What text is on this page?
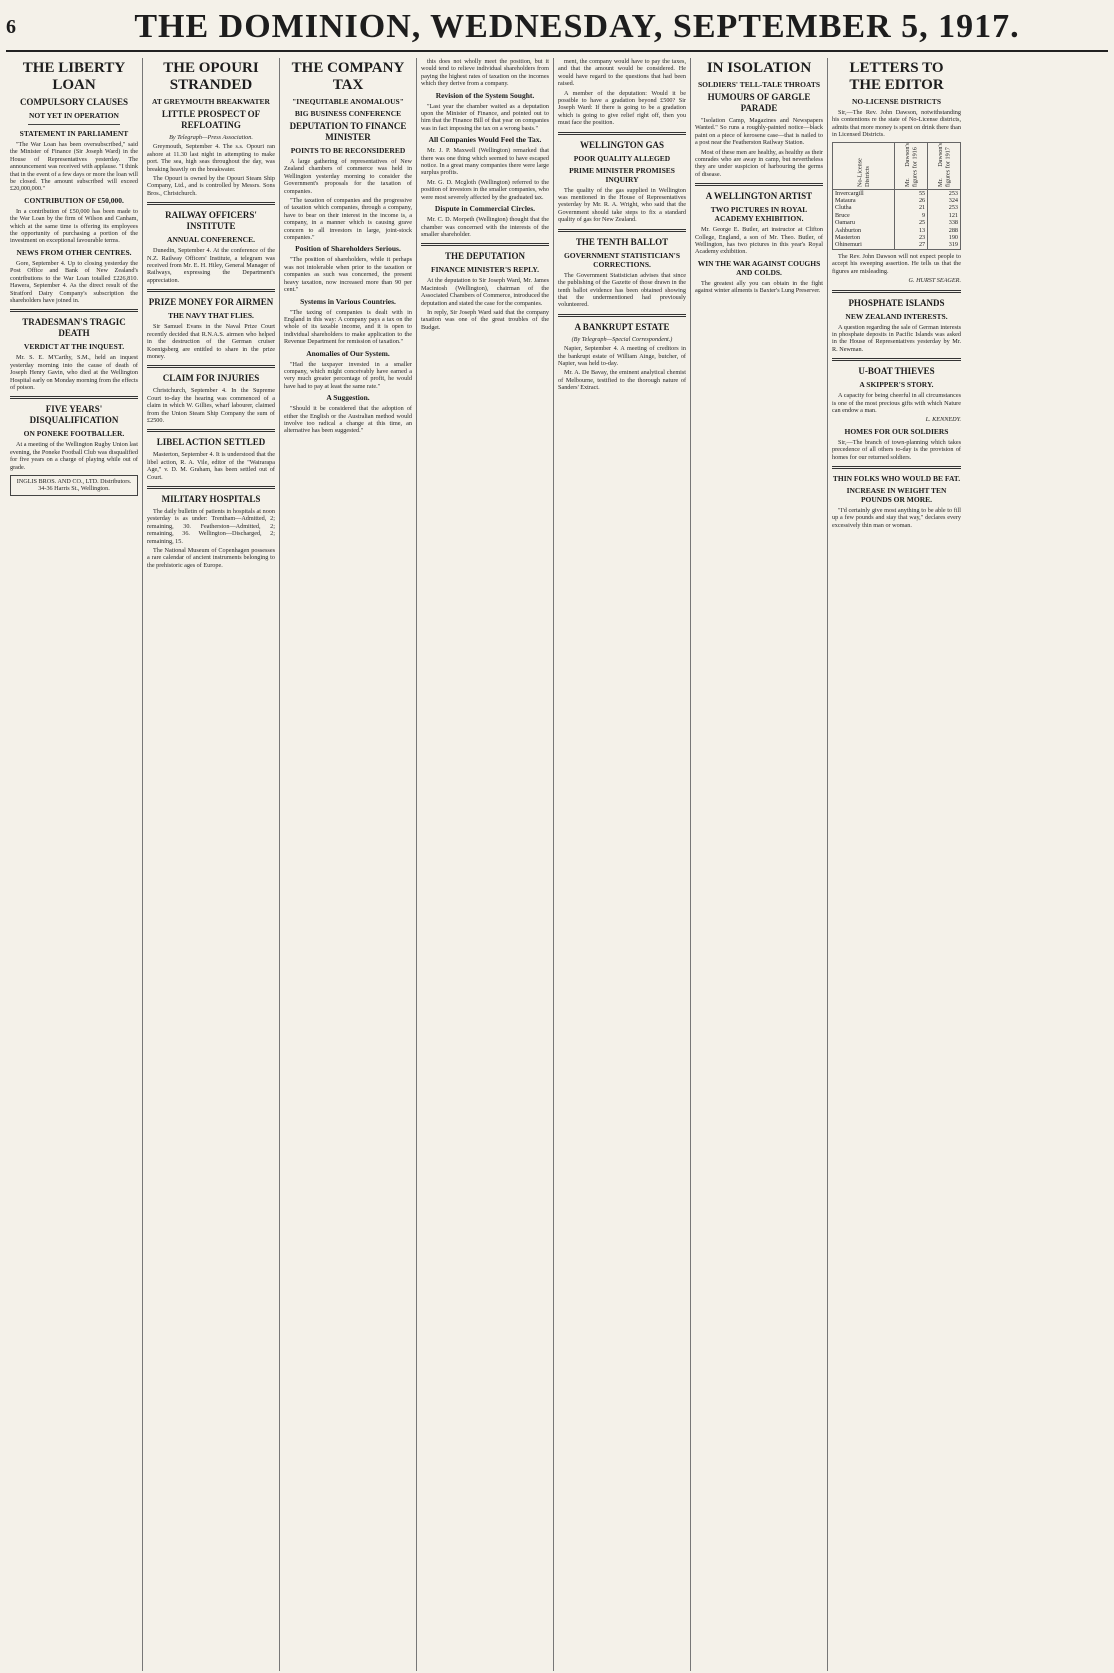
6	THE DOMINION, WEDNESDAY, SEPTEMBER 5, 1917.
THE LIBERTY LOAN
COMPULSORY CLAUSES
NOT YET IN OPERATION
STATEMENT IN PARLIAMENT

"The War Loan has been oversubscribed," said the Minister of Finance (Sir Joseph Ward) in the House of Representatives yesterday. The announcement was received with applause. "I think that in the event of a few days or more the loan will be closed. The amount subscribed will exceed £20,000,000."

CONTRIBUTION OF £50,000.

In a contribution of £50,000 has been made to the War Loan by the firm of Wilson and Canham, which at the same time is offering its employees the opportunity of purchasing a portion of the investment on exceptional favourable terms.

NEWS FROM OTHER CENTRES.

Gore, September 4. Up to closing yesterday the Post Office and Bank of New Zealand's contributions to the War Loan totalled £226,810. Hawera, September 4. As the direct result of the Stratford Dairy Company's subscription the shareholders have joined in.

TRADESMAN'S TRAGIC DEATH
VERDICT AT THE INQUEST.

Mr. S. E. M'Carthy, S.M., held an inquest yesterday morning into the cause of death of Joseph Henry Gavin, who died at the Wellington Hospital early on Monday morning from the effects of poison.

FIVE YEARS' DISQUALIFICATION
ON PONEKE FOOTBALLER.

At a meeting of the Wellington Rugby Union last evening, the Poneke Football Club was disqualified for five years on a charge of playing while out of grade.

INGLIS BROS. AND CO., LTD. Distributors. 34-36 Harris St., Wellington.
THE OPOURI STRANDED
AT GREYMOUTH BREAKWATER
LITTLE PROSPECT OF REFLOATING
By Telegraph—Press Association.

Greymouth, September 4. The s.s. Opouri ran ashore at 11.30 last night in attempting to make port. The sea, high seas throughout the day, was breaking heavily on the breakwater.

The Opouri is owned by the Opouri Steam Ship Company, Ltd., and is controlled by Messrs. Sons Bros., Christchurch.

RAILWAY OFFICERS' INSTITUTE
ANNUAL CONFERENCE.

Dunedin, September 4. At the conference of the N.Z. Railway Officers' Institute, a telegram was received from Mr. E. H. Hiley, General Manager of Railways, expressing the Department's appreciation.

PRIZE MONEY FOR AIRMEN
THE NAVY THAT FLIES.

Sir Samuel Evans in the Naval Prize Court recently decided that R.N.A.S. airmen who helped in the destruction of the German cruiser Koenigsberg are entitled to share in the prize money.

CLAIM FOR INJURIES

Christchurch, September 4. In the Supreme Court to-day the hearing was commenced of a claim in which W. Gillies, wharf labourer, claimed from the Union Steam Ship Company the sum of £2500.

LIBEL ACTION SETTLED

Masterton, September 4. It is understood that the libel action, R. A. Vile, editor of the "Wairarapa Age," v. D. M. Graham, has been settled out of Court.

MILITARY HOSPITALS

The daily bulletin of patients in hospitals at noon yesterday is as under: Trentham—Admitted, 2; remaining, 30. Featherston—Admitted, 2; remaining, 36. Wellington—Discharged, 2; remaining, 15.

The National Museum of Copenhagen possesses a rare calendar of ancient instruments belonging to the prehistoric ages of Europe.

THE COMPANY TAX
"INEQUITABLE ANOMALOUS"
BIG BUSINESS CONFERENCE
DEPUTATION TO FINANCE MINISTER
POINTS TO BE RECONSIDERED

A large gathering of representatives of New Zealand chambers of commerce was held in Wellington yesterday morning to consider the Government's proposals for the taxation of companies.

"The taxation of companies and the progressive of taxation which companies, through a company, have to bear on their interest in the income is, a company, in a manner which is causing grave concern to all investors in large, joint-stock companies."

Position of Shareholders Serious.

"The position of shareholders, while it perhaps was not intolerable when prior to the taxation or companies as such was concerned, the present heavy taxation, now increased more than 90 per cent."

Systems in Various Countries.

"The taxing of companies is dealt with in England in this way: A company pays a tax on the whole of its taxable income, and it is open to individual shareholders to make application to the Revenue Department for remission of taxation."

Anomalies of Our System.

"Had the taxpayer invested in a smaller company, which might conceivably have earned a very much greater percentage of profit, he would have had to pay at least the same rate."

A Suggestion.

"Should it be considered that the adoption of either the English or the Australian method would involve too radical a change at this time, an alternative has been suggested."

this does not wholly meet the position, but it would tend to relieve individual shareholders from paying the highest rates of taxation on the incomes which they derive from a company.

Revision of the System Sought.

"Last year the chamber waited as a deputation upon the Minister of Finance, and pointed out to him that the Finance Bill of that year on companies was in fact imposing the tax on a wrong basis."

All Companies Would Feel the Tax.

Mr. J. P. Maxwell (Wellington) remarked that there was one thing which seemed to have escaped notice. In a great many companies there were large surplus profits.

Mr. G. D. Mcgloth (Wellington) referred to the position of investors in the smaller companies, who were most severely affected by the graduated tax.

Dispute in Commercial Circles.

Mr. C. D. Morpeth (Wellington) thought that the chamber was concerned with the interests of the smaller shareholder.

THE DEPUTATION
FINANCE MINISTER'S REPLY.

At the deputation to Sir Joseph Ward, Mr. James Macintosh (Wellington), chairman of the Associated Chambers of Commerce, introduced the deputation and stated the case for the companies.

In reply, Sir Joseph Ward said that the company taxation was one of the great troubles of the Budget.

ment, the company would have to pay the taxes, and that the amount would be considered. He would have regard to the questions that had been raised.

A member of the deputation: Would it be possible to have a gradation beyond £500? Sir Joseph Ward: If there is going to be a gradation which is going to give relief right off, then you must face the position.

WELLINGTON GAS
POOR QUALITY ALLEGED
PRIME MINISTER PROMISES INQUIRY

The quality of the gas supplied in Wellington was mentioned in the House of Representatives yesterday by Mr. R. A. Wright, who said that the Government should take steps to fix a standard quality of gas for New Zealand.

THE TENTH BALLOT
GOVERNMENT STATISTICIAN'S CORRECTIONS.

The Government Statistician advises that since the publishing of the Gazette of those drawn in the tenth ballot evidence has been obtained showing that the undermentioned had previously volunteered.

A BANKRUPT ESTATE
(By Telegraph—Special Correspondent.)

Napier, September 4. A meeting of creditors in the bankrupt estate of William Ainge, butcher, of Napier, was held to-day.

Mr. A. De Bavay, the eminent analytical chemist of Melbourne, testified to the thorough nature of Sanders' Extract.

IN ISOLATION
SOLDIERS' TELL-TALE THROATS
HUMOURS OF GARGLE PARADE

"Isolation Camp, Magazines and Newspapers Wanted." So runs a roughly-painted notice—black paint on a piece of kerosene case—that is nailed to a post near the Featherston Railway Station.

Most of these men are healthy, as healthy as their comrades who are away in camp, but nevertheless they are under suspicion of harbouring the germs of disease.

A WELLINGTON ARTIST
TWO PICTURES IN ROYAL ACADEMY EXHIBITION.

Mr. George E. Butler, art instructor at Clifton College, England, a son of Mr. Theo. Butler, of Wellington, has two pictures in this year's Royal Academy exhibition.

WIN THE WAR AGAINST COUGHS AND COLDS.

The greatest ally you can obtain in the fight against winter ailments is Baxter's Lung Preserver.

LETTERS TO THE EDITOR
NO-LICENSE DISTRICTS

Sir,—The Rev. John Dawson, notwithstanding his contentions re the state of No-License districts, admits that more money is spent on drink there than in Licensed Districts.

No-License Districts	Mr. Dawson's figures for 1916	Mr. Dawson's figures for 1917
Invercargill	55	253
Mataura	26	324
Clutha	21	253
Bruce	9	121
Oamaru	25	338
Ashburton	13	288
Masterton	23	190
Ohinemuri	27	319

The Rev. John Dawson will not expect people to accept his sweeping assertion. He tells us that the figures are misleading.

G. HURST SEAGER.
PHOSPHATE ISLANDS
NEW ZEALAND INTERESTS.

A question regarding the sale of German interests in phosphate deposits in Pacific Islands was asked in the House of Representatives yesterday by Mr. R. Newman.

U-BOAT THIEVES
A SKIPPER'S STORY.

A capacity for being cheerful in all circumstances is one of the most precious gifts with which Nature can endow a man.

L. KENNEDY.
HOMES FOR OUR SOLDIERS

Sir,—The branch of town-planning which takes precedence of all others to-day is the provision of homes for our returned soldiers.

THIN FOLKS WHO WOULD BE FAT.
INCREASE IN WEIGHT TEN POUNDS OR MORE.

"I'd certainly give most anything to be able to fill up a few pounds and stay that way," declares every excessively thin man or woman.
